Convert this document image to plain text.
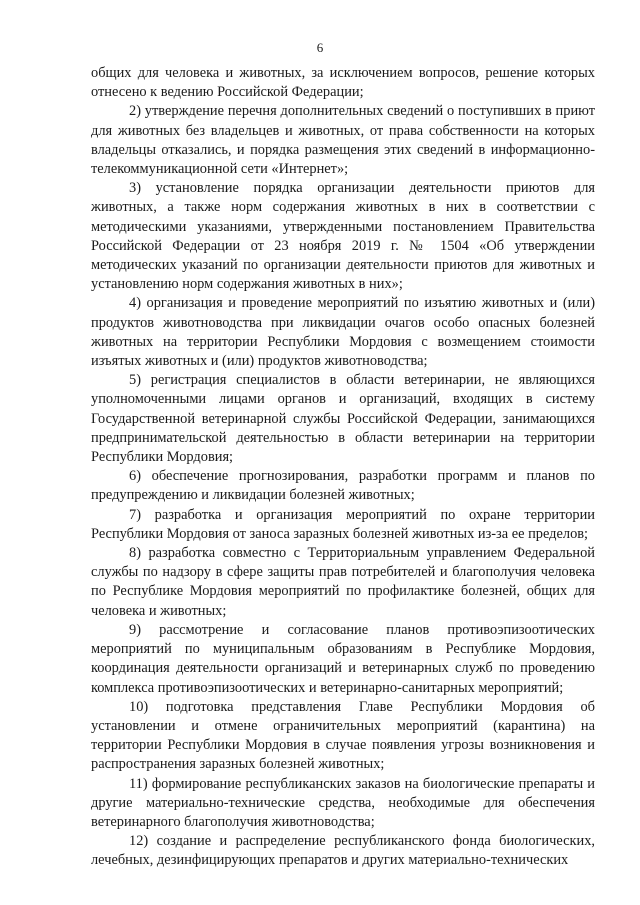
6

общих для человека и животных, за исключением вопросов, решение которых отнесено к ведению Российской Федерации;

2) утверждение перечня дополнительных сведений о поступивших в приют для животных без владельцев и животных, от права собственности на которых владельцы отказались, и порядка размещения этих сведений в информационно-телекоммуникационной сети «Интернет»;

3) установление порядка организации деятельности приютов для животных, а также норм содержания животных в них в соответствии с методическими указаниями, утвержденными постановлением Правительства Российской Федерации от 23 ноября 2019 г. № 1504 «Об утверждении методических указаний по организации деятельности приютов для животных и установлению норм содержания животных в них»;

4) организация и проведение мероприятий по изъятию животных и (или) продуктов животноводства при ликвидации очагов особо опасных болезней животных на территории Республики Мордовия с возмещением стоимости изъятых животных и (или) продуктов животноводства;

5) регистрация специалистов в области ветеринарии, не являющихся уполномоченными лицами органов и организаций, входящих в систему Государственной ветеринарной службы Российской Федерации, занимающихся предпринимательской деятельностью в области ветеринарии на территории Республики Мордовия;

6) обеспечение прогнозирования, разработки программ и планов по предупреждению и ликвидации болезней животных;

7) разработка и организация мероприятий по охране территории Республики Мордовия от заноса заразных болезней животных из-за ее пределов;

8) разработка совместно с Территориальным управлением Федеральной службы по надзору в сфере защиты прав потребителей и благополучия человека по Республике Мордовия мероприятий по профилактике болезней, общих для человека и животных;

9) рассмотрение и согласование планов противоэпизоотических мероприятий по муниципальным образованиям в Республике Мордовия, координация деятельности организаций и ветеринарных служб по проведению комплекса противоэпизоотических и ветеринарно-санитарных мероприятий;

10) подготовка представления Главе Республики Мордовия об установлении и отмене ограничительных мероприятий (карантина) на территории Республики Мордовия в случае появления угрозы возникновения и распространения заразных болезней животных;

11) формирование республиканских заказов на биологические препараты и другие материально-технические средства, необходимые для обеспечения ветеринарного благополучия животноводства;

12) создание и распределение республиканского фонда биологических, лечебных, дезинфицирующих препаратов и других материально-технических
